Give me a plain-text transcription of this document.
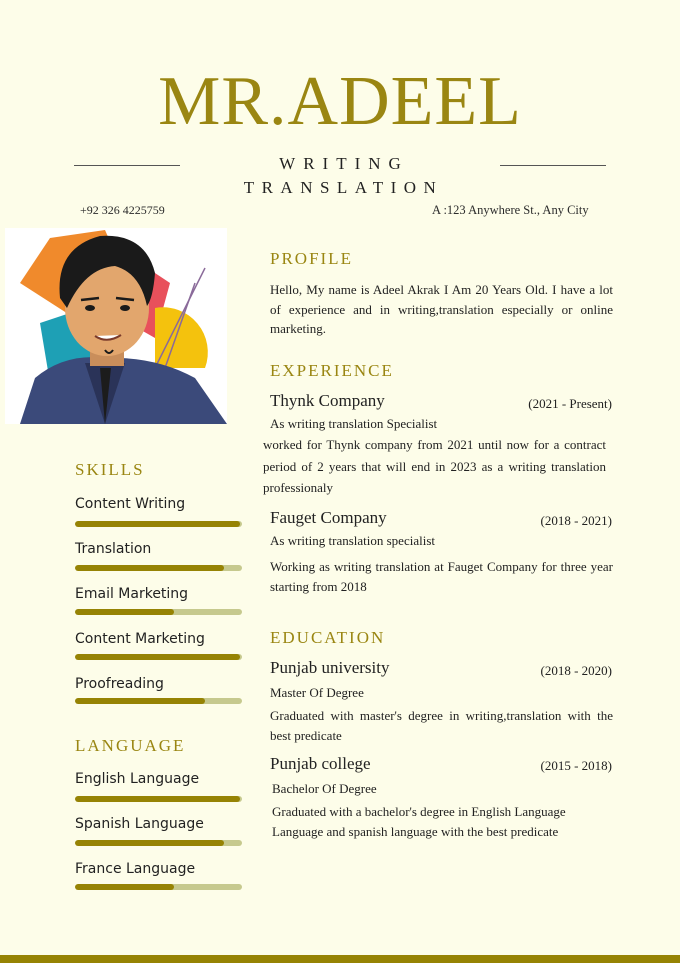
MR.ADEEL
WRITING
TRANSLATION
+92 326 4225759	A :123 Anywhere St., Any City
SKILLS
Content Writing
Translation
Email Marketing
Content Marketing
Proofreading
LANGUAGE
English Language
Spanish Language
France Language
PROFILE
Hello, My name is Adeel Akrak I Am 20 Years Old. I have a lot of experience and in writing,translation especially or online marketing.
EXPERIENCE
Thynk Company	(2021 - Present)
As writing translation Specialist
worked for Thynk company from 2021 until now for a contract period of 2 years that will end in 2023 as a writing translation professionaly
Fauget Company	(2018 - 2021)
As writing translation specialist
Working as writing translation at Fauget Company for three year starting from 2018
EDUCATION
Punjab university	(2018 - 2020)
Master Of Degree
Graduated with master's degree in writing,translation with the best predicate
Punjab college	(2015 - 2018)
Bachelor Of Degree
Graduated with a bachelor's degree in English Language Language and spanish language with the best predicate
